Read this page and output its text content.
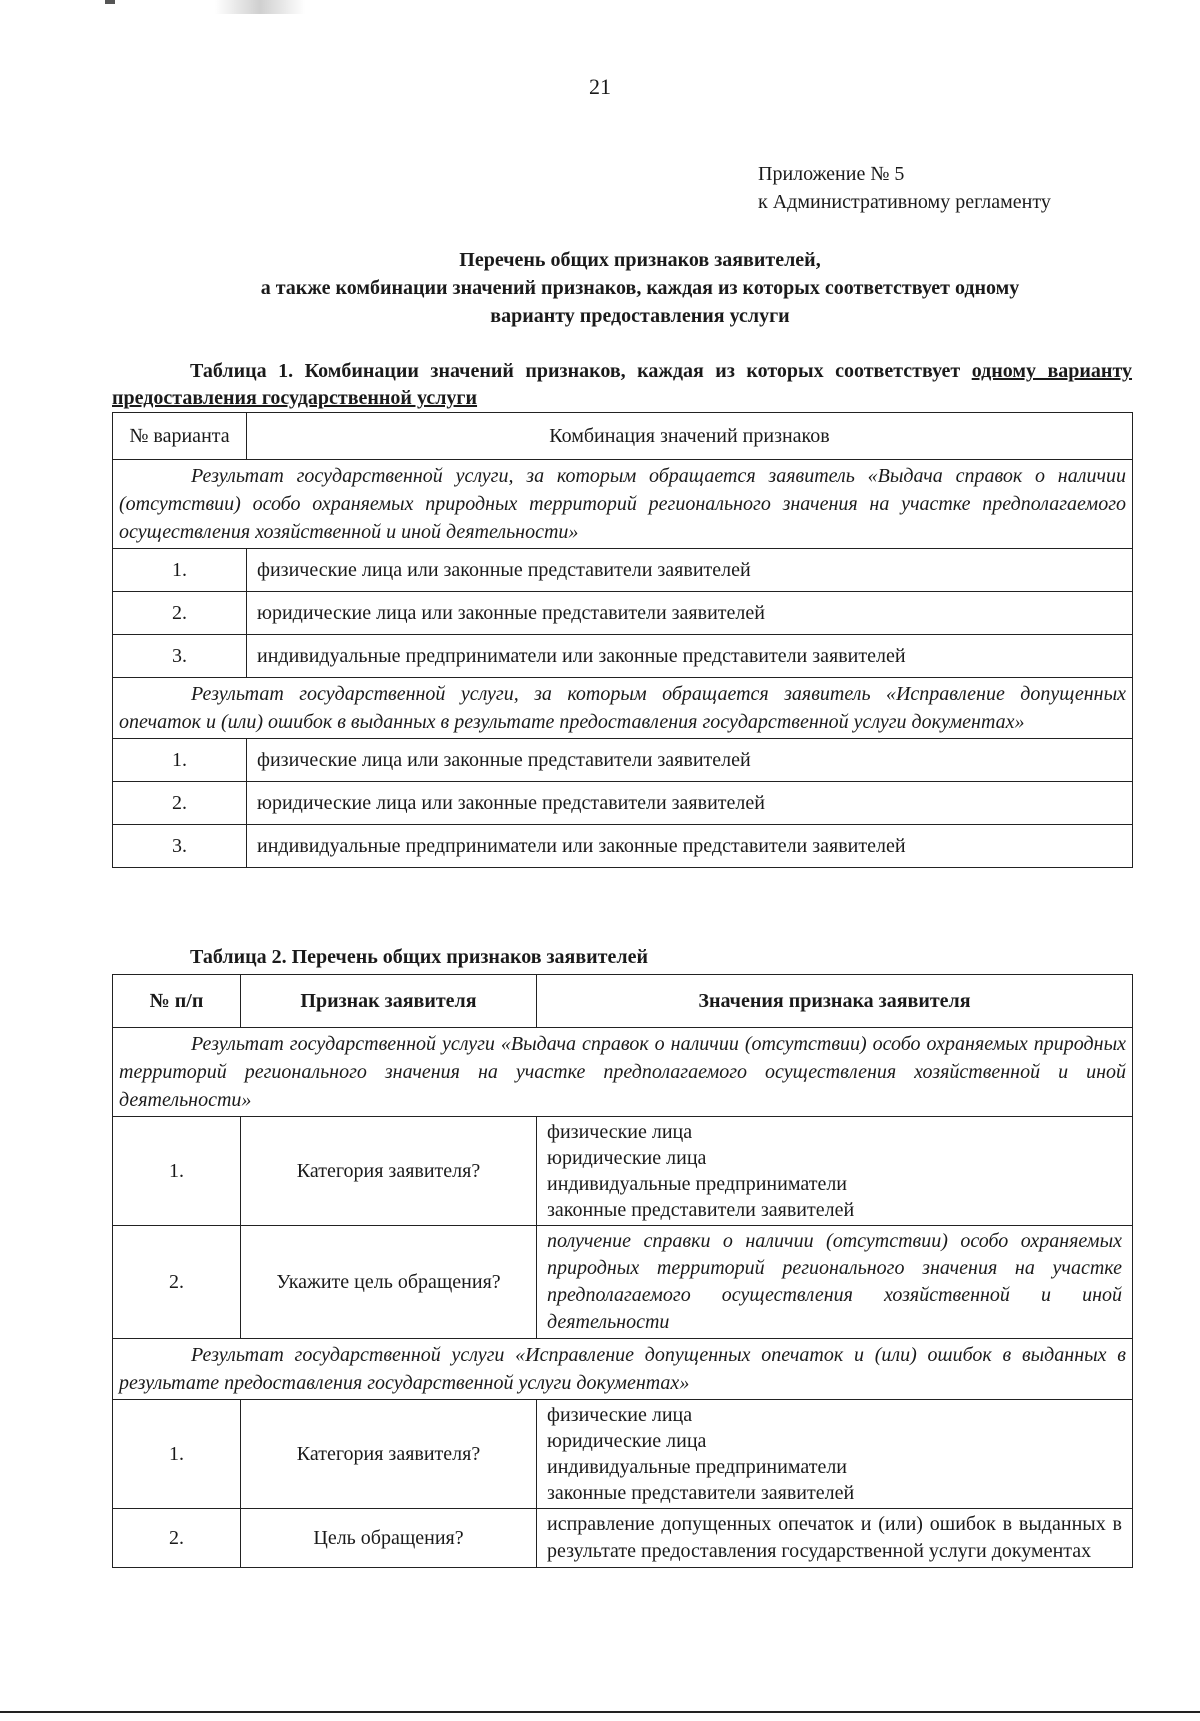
21
Приложение № 5
к Административному регламенту
Перечень общих признаков заявителей,
а также комбинации значений признаков, каждая из которых соответствует одному
варианту предоставления услуги
Таблица 1. Комбинации значений признаков, каждая из которых соответствует одному варианту предоставления государственной услуги
№ варианта	Комбинация значений признаков
Результат государственной услуги, за которым обращается заявитель «Выдача справок о наличии (отсутствии) особо охраняемых природных территорий регионального значения на участке предполагаемого осуществления хозяйственной и иной деятельности»	
1.	физические лица или законные представители заявителей
2.	юридические лица или законные представители заявителей
3.	индивидуальные предприниматели или законные представители заявителей
Результат государственной услуги, за которым обращается заявитель «Исправление допущенных опечаток и (или) ошибок в выданных в результате предоставления государственной услуги документах»	
1.	физические лица или законные представители заявителей
2.	юридические лица или законные представители заявителей
3.	индивидуальные предприниматели или законные представители заявителей
Таблица 2. Перечень общих признаков заявителей
№ п/п	Признак заявителя	Значения признака заявителя
Результат государственной услуги «Выдача справок о наличии (отсутствии) особо охраняемых природных территорий регионального значения на участке предполагаемого осуществления хозяйственной и иной деятельности»		
1.	Категория заявителя?	физические лица
юридические лица
индивидуальные предприниматели
законные представители заявителей

2.	Укажите цель обращения?	получение справки о наличии (отсутствии) особо охраняемых природных территорий регионального значения на участке предполагаемого осуществления хозяйственной и иной деятельности
Результат государственной услуги «Исправление допущенных опечаток и (или) ошибок в выданных в результате предоставления государственной услуги документах»		
1.	Категория заявителя?	физические лица
юридические лица
индивидуальные предприниматели
законные представители заявителей

2.	Цель обращения?	исправление допущенных опечаток и (или) ошибок в выданных в результате предоставления государственной услуги документах
